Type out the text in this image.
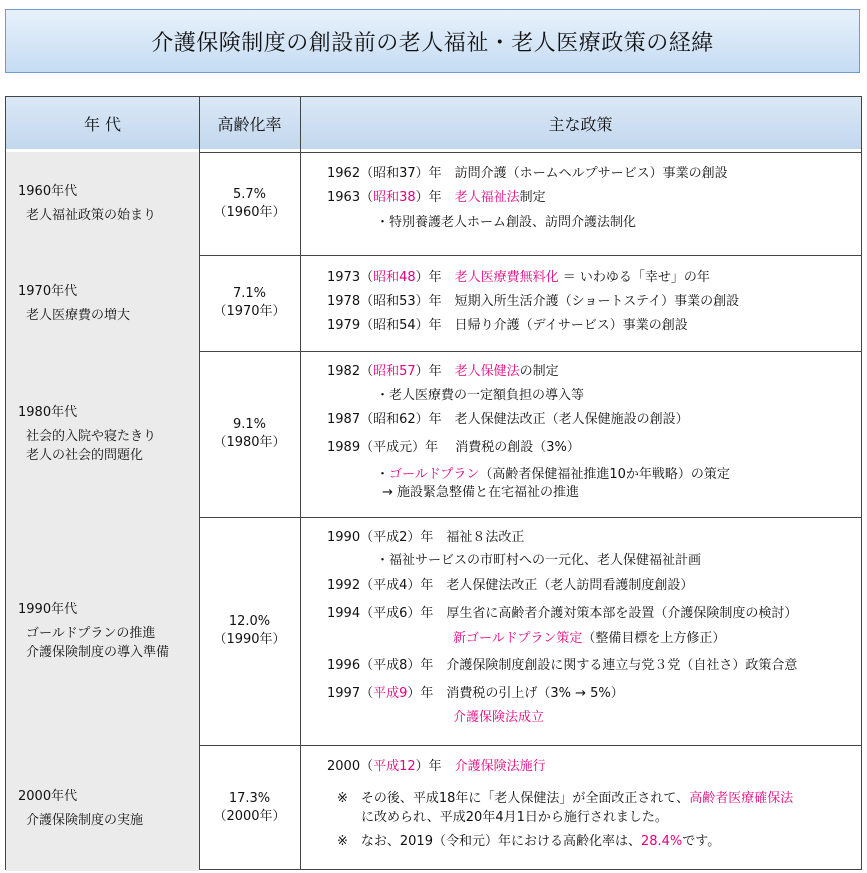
介護保険制度の創設前の老人福祉・老人医療政策の経緯
年 代	高齢化率	主な政策
1960年代
老人福祉政策の始まり
5.7%
（1960年）
1962（昭和37）年　訪問介護（ホームヘルプサービス）事業の創設
1963（昭和38）年　老人福祉法制定
・特別養護老人ホーム創設、訪問介護法制化
1970年代
老人医療費の増大
7.1%
（1970年）
1973（昭和48）年　老人医療費無料化 ＝ いわゆる「幸せ」の年
1978（昭和53）年　短期入所生活介護（ショートステイ）事業の創設
1979（昭和54）年　日帰り介護（デイサービス）事業の創設
1980年代
社会的入院や寝たきり
老人の社会的問題化
9.1%
（1980年）
1982（昭和57）年　老人保健法の制定
・老人医療費の一定額負担の導入等
1987（昭和62）年　老人保健法改正（老人保健施設の創設）
1989（平成元）年　 消費税の創設（3%）
・ゴールドプラン（高齢者保健福祉推進10か年戦略）の策定
→ 施設緊急整備と在宅福祉の推進
1990年代
ゴールドプランの推進
介護保険制度の導入準備
12.0%
（1990年）
1990（平成2）年　福祉８法改正
・福祉サービスの市町村への一元化、老人保健福祉計画
1992（平成4）年　老人保健法改正（老人訪問看護制度創設）
1994（平成6）年　厚生省に高齢者介護対策本部を設置（介護保険制度の検討）
新ゴールドプラン策定（整備目標を上方修正）
1996（平成8）年　介護保険制度創設に関する連立与党３党（自社さ）政策合意
1997（平成9）年　消費税の引上げ（3% → 5%）
介護保険法成立
2000年代
介護保険制度の実施
17.3%
（2000年）
2000（平成12）年　介護保険法施行
※　その後、平成18年に「老人保健法」が全面改正されて、高齢者医療確保法
に改められ、平成20年4月1日から施行されました。
※　なお、2019（令和元）年における高齢化率は、28.4%です。
